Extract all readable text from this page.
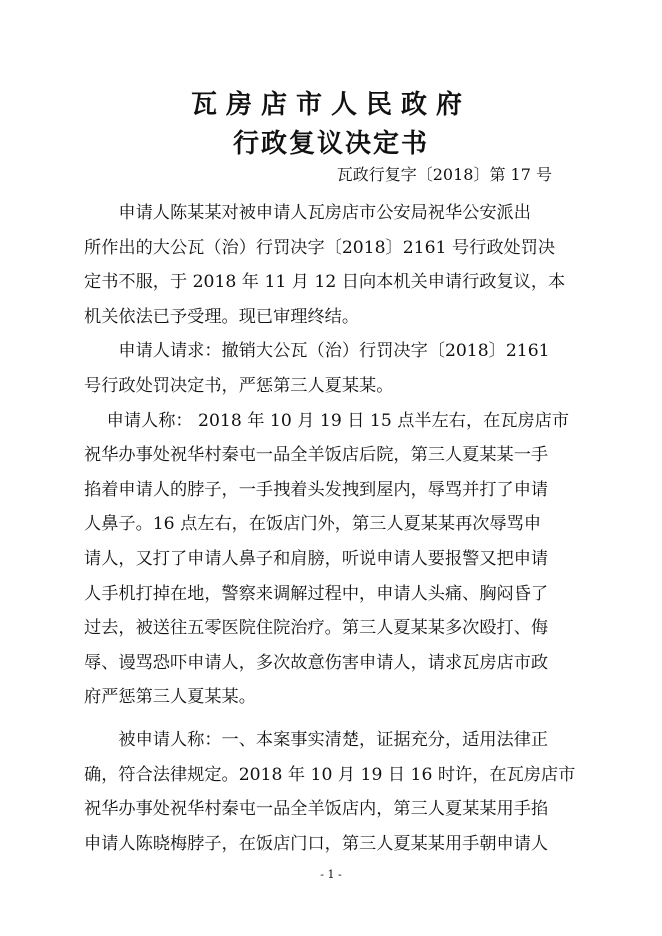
瓦房店市人民政府
行政复议决定书
瓦政行复字〔2018〕第 17 号

　　申请人陈某某对被申请人瓦房店市公安局祝华公安派出
所作出的大公瓦（治）行罚决字〔2018〕2161 号行政处罚决
定书不服，于 2018 年 11 月 12 日向本机关申请行政复议，本
机关依法已予受理。现已审理终结。

　　申请人请求：撤销大公瓦（治）行罚决字〔2018〕2161
号行政处罚决定书，严惩第三人夏某某。

　 申请人称： 2018 年 10 月 19 日 15 点半左右，在瓦房店市
祝华办事处祝华村秦屯一品全羊饭店后院，第三人夏某某一手
掐着申请人的脖子，一手拽着头发拽到屋内，辱骂并打了申请
人鼻子。16 点左右，在饭店门外，第三人夏某某再次辱骂申
请人，又打了申请人鼻子和肩膀，听说申请人要报警又把申请
人手机打掉在地，警察来调解过程中，申请人头痛、胸闷昏了
过去，被送往五零医院住院治疗。第三人夏某某多次殴打、侮
辱、谩骂恐吓申请人，多次故意伤害申请人，请求瓦房店市政
府严惩第三人夏某某。

　　被申请人称：一、本案事实清楚，证据充分，适用法律正
确，符合法律规定。2018 年 10 月 19 日 16 时许，在瓦房店市
祝华办事处祝华村秦屯一品全羊饭店内，第三人夏某某用手掐
申请人陈晓梅脖子，在饭店门口，第三人夏某某用手朝申请人

- 1 -
